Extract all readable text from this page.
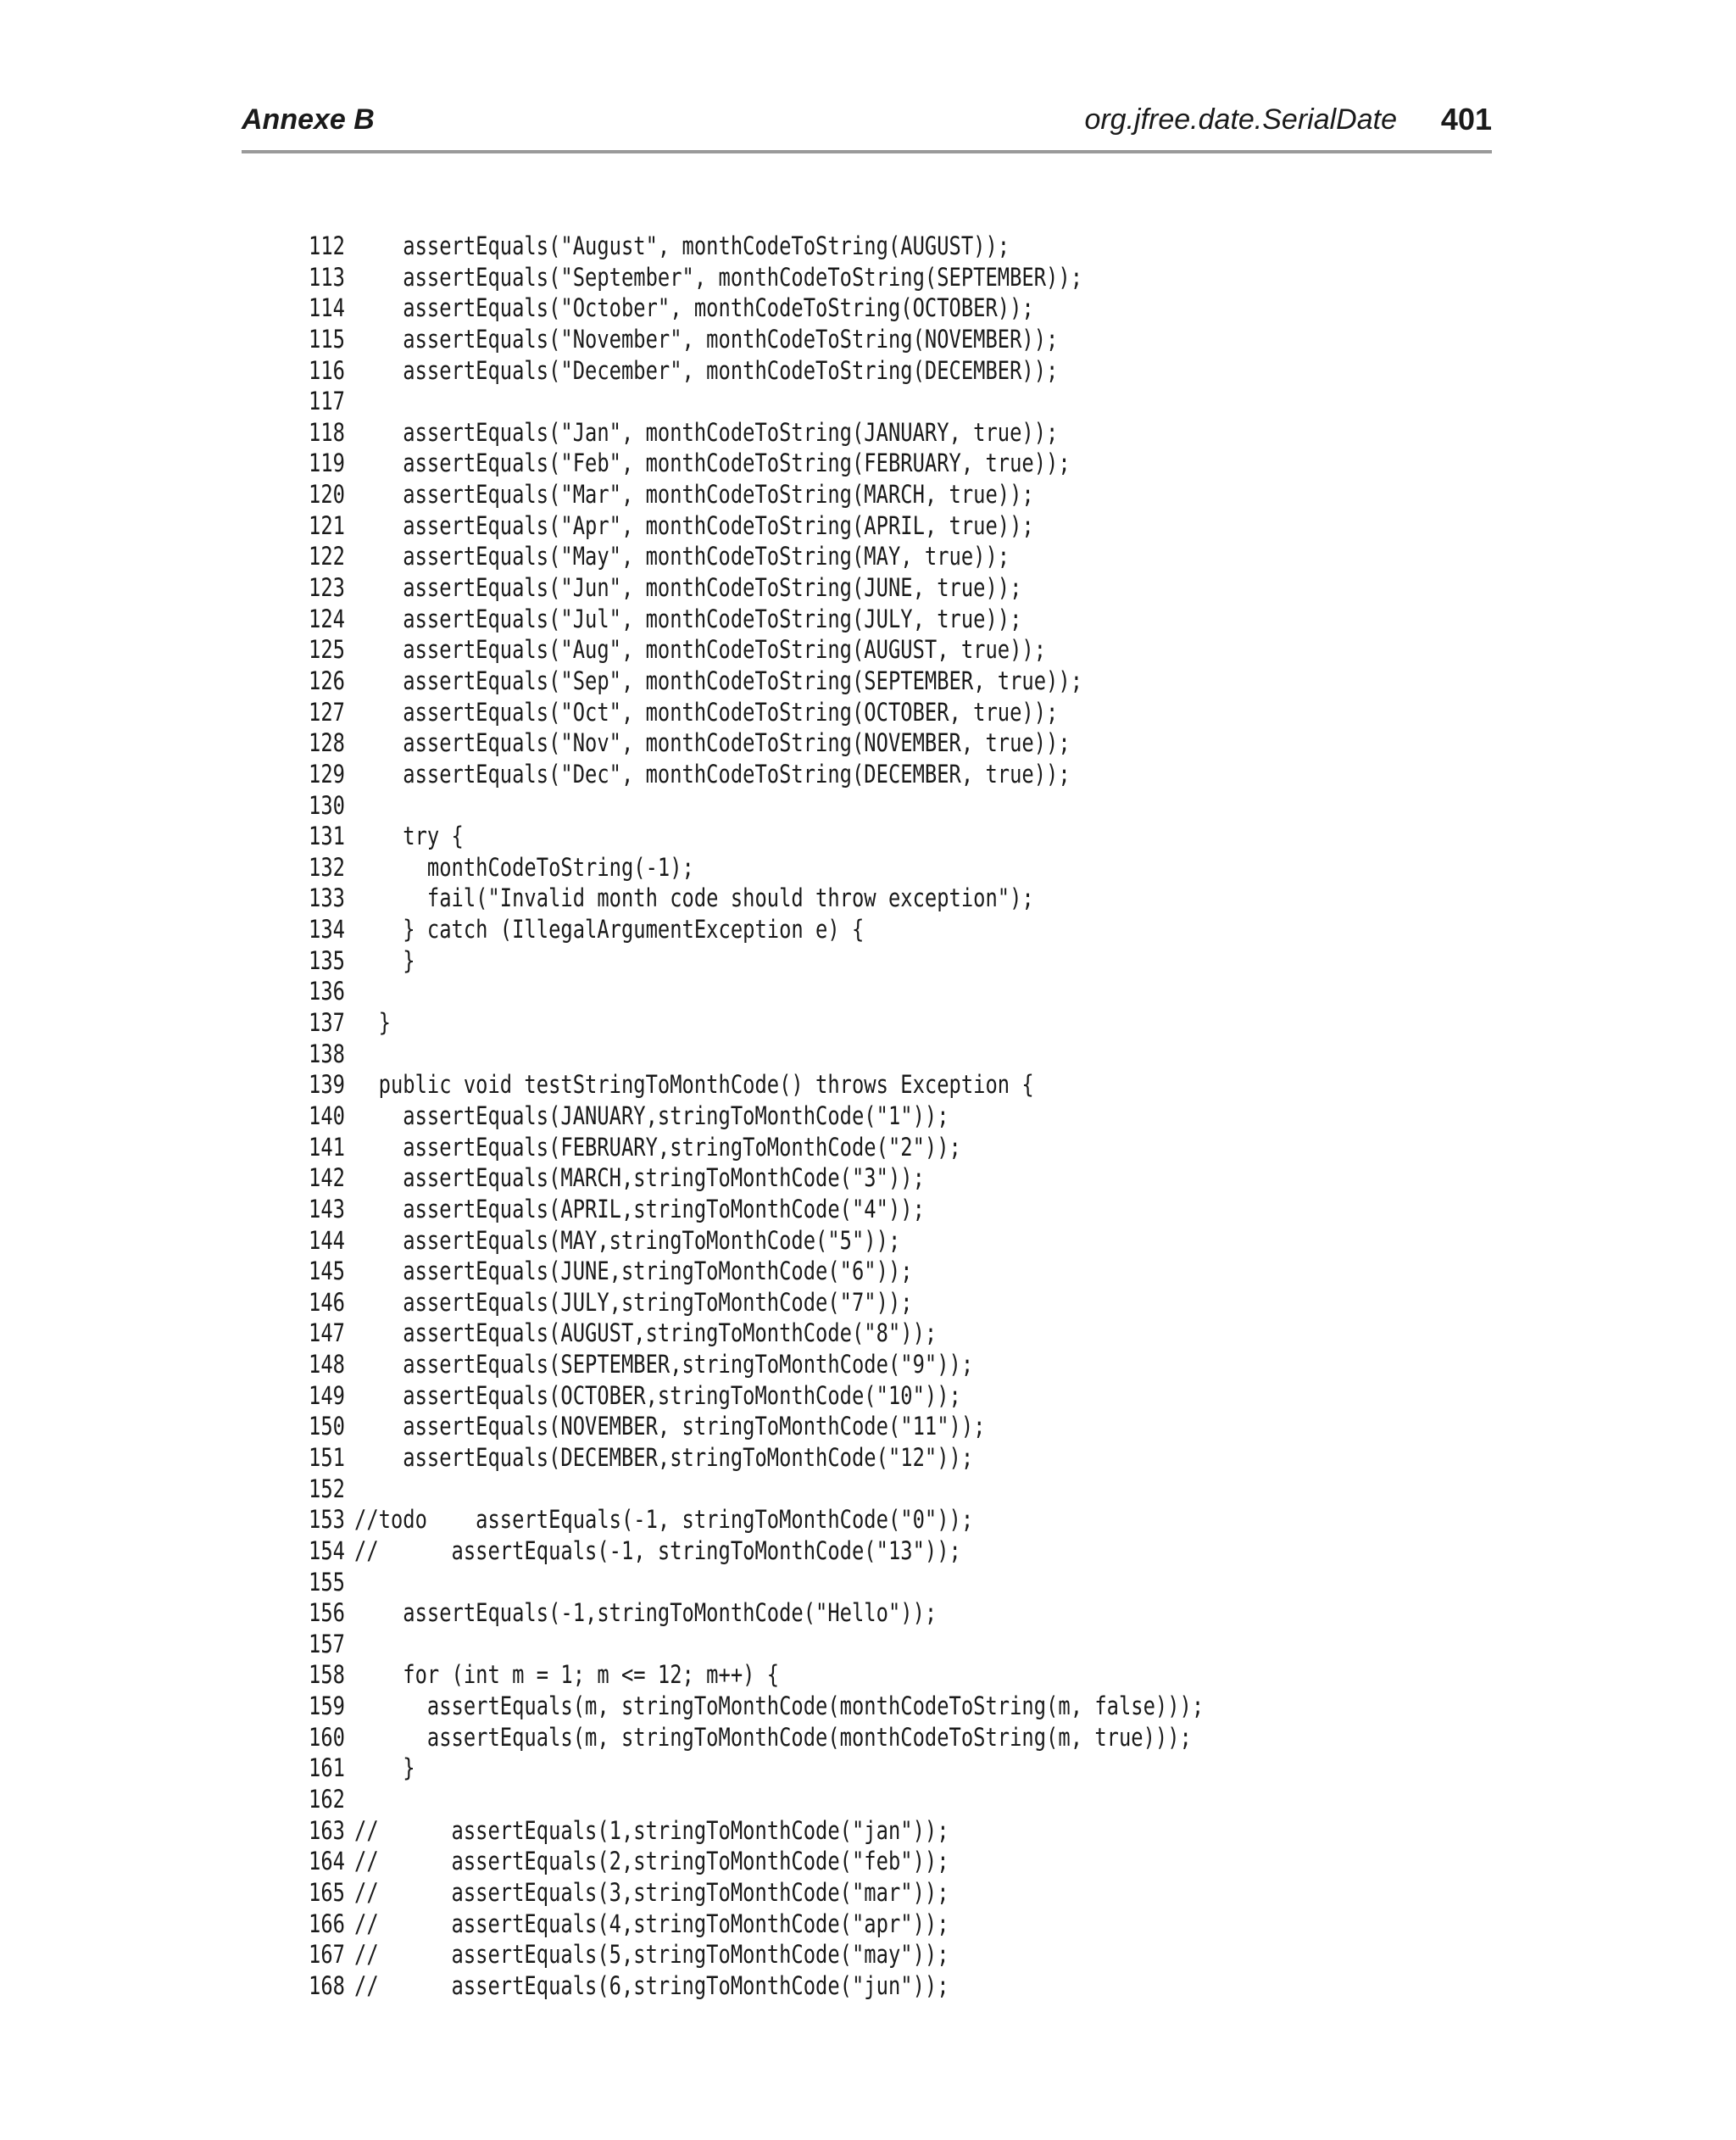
Annexe B	org.jfree.date.SerialDate 401
112 assertEquals("August", monthCodeToString(AUGUST));
113 assertEquals("September", monthCodeToString(SEPTEMBER));
114 assertEquals("October", monthCodeToString(OCTOBER));
115 assertEquals("November", monthCodeToString(NOVEMBER));
116 assertEquals("December", monthCodeToString(DECEMBER));
117
118 assertEquals("Jan", monthCodeToString(JANUARY, true));
119 assertEquals("Feb", monthCodeToString(FEBRUARY, true));
120 assertEquals("Mar", monthCodeToString(MARCH, true));
121 assertEquals("Apr", monthCodeToString(APRIL, true));
122 assertEquals("May", monthCodeToString(MAY, true));
123 assertEquals("Jun", monthCodeToString(JUNE, true));
124 assertEquals("Jul", monthCodeToString(JULY, true));
125 assertEquals("Aug", monthCodeToString(AUGUST, true));
126 assertEquals("Sep", monthCodeToString(SEPTEMBER, true));
127 assertEquals("Oct", monthCodeToString(OCTOBER, true));
128 assertEquals("Nov", monthCodeToString(NOVEMBER, true));
129 assertEquals("Dec", monthCodeToString(DECEMBER, true));
130
131 try {
132 monthCodeToString(-1);
133 fail("Invalid month code should throw exception");
134 } catch (IllegalArgumentException e) {
135 }
136
137 }
138
139 public void testStringToMonthCode() throws Exception {
140 assertEquals(JANUARY,stringToMonthCode("1"));
141 assertEquals(FEBRUARY,stringToMonthCode("2"));
142 assertEquals(MARCH,stringToMonthCode("3"));
143 assertEquals(APRIL,stringToMonthCode("4"));
144 assertEquals(MAY,stringToMonthCode("5"));
145 assertEquals(JUNE,stringToMonthCode("6"));
146 assertEquals(JULY,stringToMonthCode("7"));
147 assertEquals(AUGUST,stringToMonthCode("8"));
148 assertEquals(SEPTEMBER,stringToMonthCode("9"));
149 assertEquals(OCTOBER,stringToMonthCode("10"));
150 assertEquals(NOVEMBER, stringToMonthCode("11"));
151 assertEquals(DECEMBER,stringToMonthCode("12"));
152
153 //todo    assertEquals(-1, stringToMonthCode("0"));
154 //      assertEquals(-1, stringToMonthCode("13"));
155
156 assertEquals(-1,stringToMonthCode("Hello"));
157
158 for (int m = 1; m <= 12; m++) {
159 assertEquals(m, stringToMonthCode(monthCodeToString(m, false)));
160 assertEquals(m, stringToMonthCode(monthCodeToString(m, true)));
161 }
162
163 //      assertEquals(1,stringToMonthCode("jan"));
164 //      assertEquals(2,stringToMonthCode("feb"));
165 //      assertEquals(3,stringToMonthCode("mar"));
166 //      assertEquals(4,stringToMonthCode("apr"));
167 //      assertEquals(5,stringToMonthCode("may"));
168 //      assertEquals(6,stringToMonthCode("jun"));
